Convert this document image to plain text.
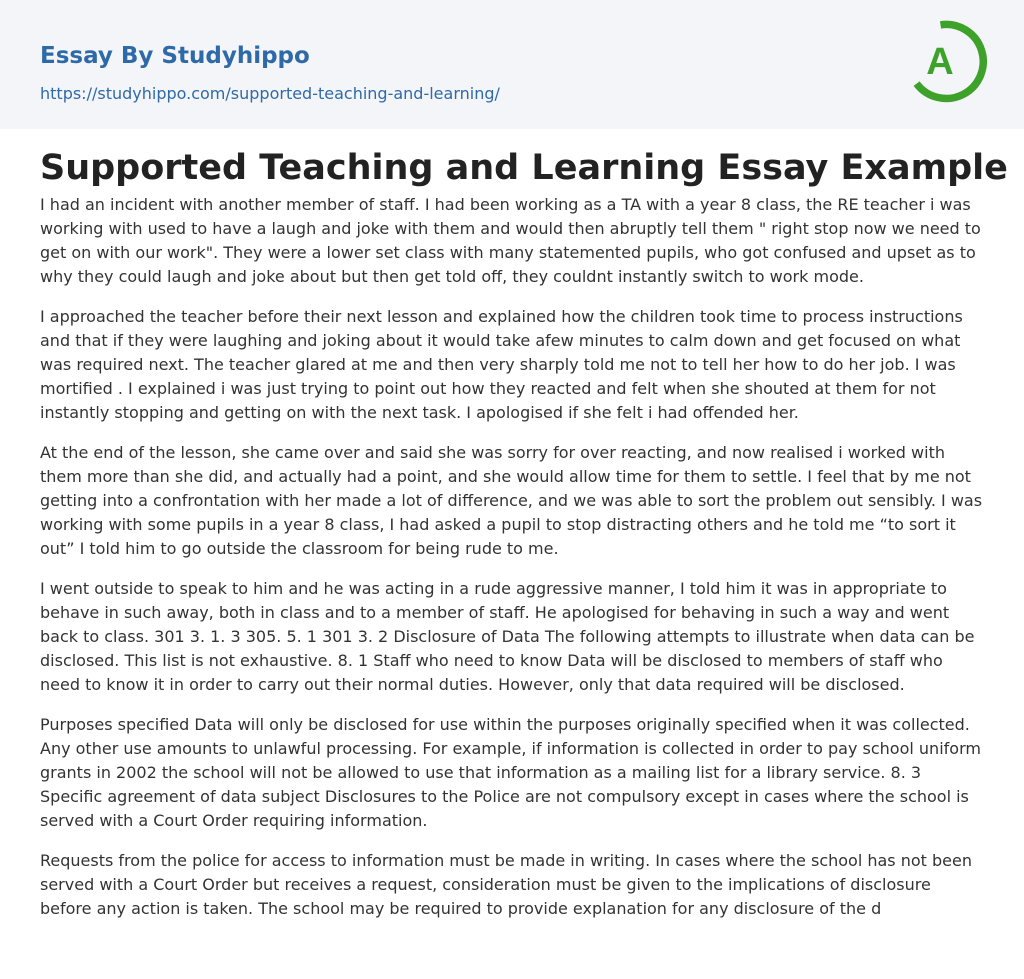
Essay By Studyhippo
https://studyhippo.com/supported-teaching-and-learning/
A
Supported Teaching and Learning Essay Example

I had an incident with another member of staff. I had been working as a TA with a year 8 class, the RE teacher i was working with used to have a laugh and joke with them and would then abruptly tell them " right stop now we need to get on with our work". They were a lower set class with many statemented pupils, who got confused and upset as to why they could laugh and joke about but then get told off, they couldnt instantly switch to work mode.

I approached the teacher before their next lesson and explained how the children took time to process instructions and that if they were laughing and joking about it would take afew minutes to calm down and get focused on what was required next. The teacher glared at me and then very sharply told me not to tell her how to do her job. I was mortified . I explained i was just trying to point out how they reacted and felt when she shouted at them for not instantly stopping and getting on with the next task. I apologised if she felt i had offended her.

At the end of the lesson, she came over and said she was sorry for over reacting, and now realised i worked with them more than she did, and actually had a point, and she would allow time for them to settle. I feel that by me not getting into a confrontation with her made a lot of difference, and we was able to sort the problem out sensibly. I was working with some pupils in a year 8 class, I had asked a pupil to stop distracting others and he told me “to sort it out” I told him to go outside the classroom for being rude to me.

I went outside to speak to him and he was acting in a rude aggressive manner, I told him it was in appropriate to behave in such away, both in class and to a member of staff. He apologised for behaving in such a way and went back to class. 301 3. 1. 3 305. 5. 1 301 3. 2 Disclosure of Data The following attempts to illustrate when data can be disclosed. This list is not exhaustive. 8. 1 Staff who need to know Data will be disclosed to members of staff who need to know it in order to carry out their normal duties. However, only that data required will be disclosed.

Purposes specified Data will only be disclosed for use within the purposes originally specified when it was collected. Any other use amounts to unlawful processing. For example, if information is collected in order to pay school uniform grants in 2002 the school will not be allowed to use that information as a mailing list for a library service. 8. 3 Specific agreement of data subject Disclosures to the Police are not compulsory except in cases where the school is served with a Court Order requiring information.

Requests from the police for access to information must be made in writing. In cases where the school has not been served with a Court Order but receives a request, consideration must be given to the implications of disclosure before any action is taken. The school may be required to provide explanation for any disclosure of the d
